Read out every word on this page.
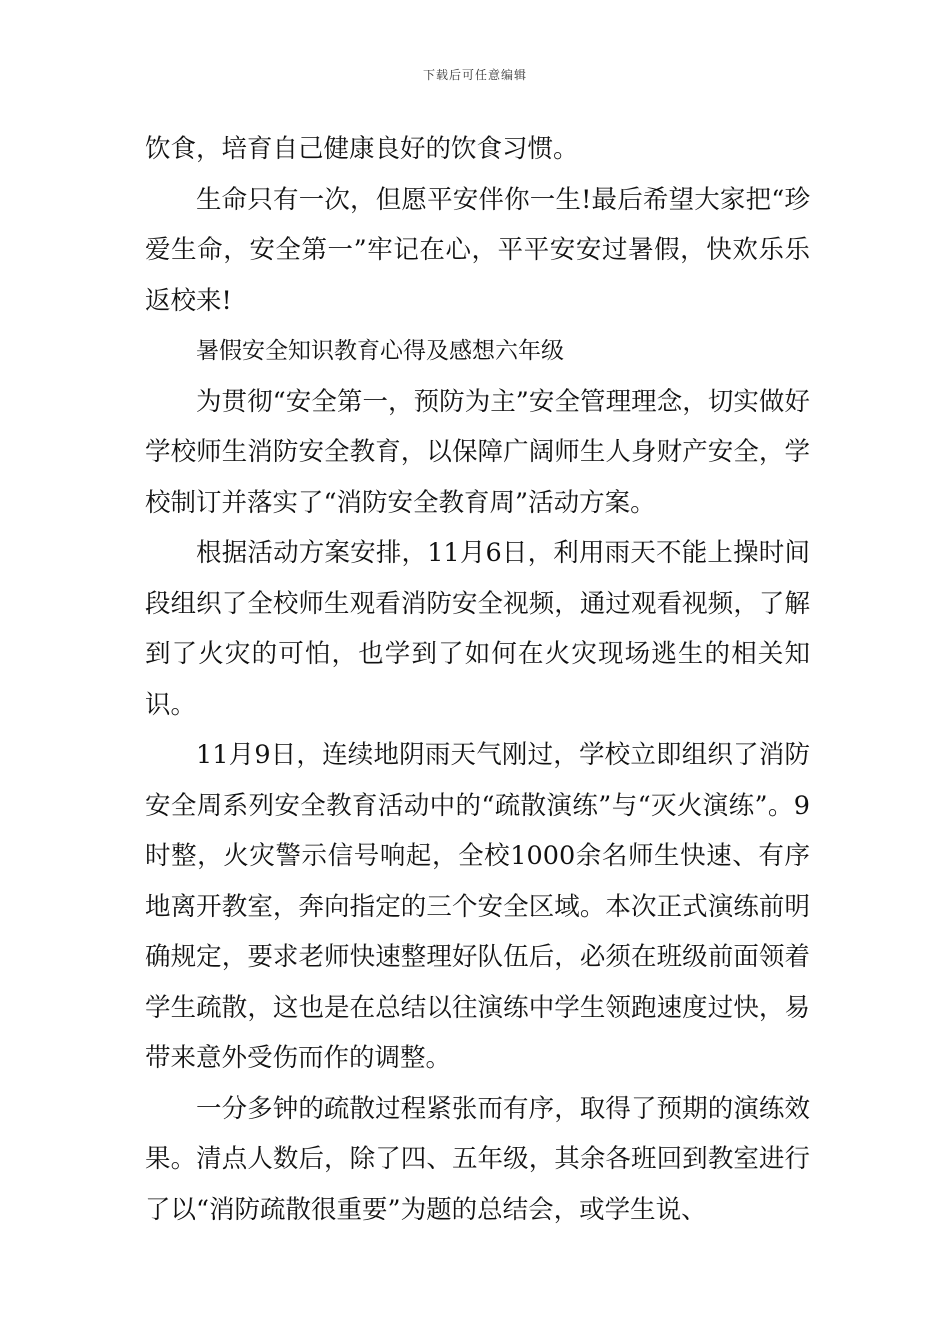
下载后可任意编辑

饮食，培育自己健康良好的饮食习惯。

生命只有一次，但愿平安伴你一生!最后希望大家把“珍爱生命，安全第一”牢记在心，平平安安过暑假，快欢乐乐返校来!

暑假安全知识教育心得及感想六年级

为贯彻“安全第一，预防为主”安全管理理念，切实做好学校师生消防安全教育，以保障广阔师生人身财产安全，学校制订并落实了“消防安全教育周”活动方案。

根据活动方案安排，11月6日，利用雨天不能上操时间段组织了全校师生观看消防安全视频，通过观看视频，了解到了火灾的可怕，也学到了如何在火灾现场逃生的相关知识。

11月9日，连续地阴雨天气刚过，学校立即组织了消防安全周系列安全教育活动中的“疏散演练”与“灭火演练”。9时整，火灾警示信号响起，全校1000余名师生快速、有序地离开教室，奔向指定的三个安全区域。本次正式演练前明确规定，要求老师快速整理好队伍后，必须在班级前面领着学生疏散，这也是在总结以往演练中学生领跑速度过快，易带来意外受伤而作的调整。

一分多钟的疏散过程紧张而有序，取得了预期的演练效果。清点人数后，除了四、五年级，其余各班回到教室进行了以“消防疏散很重要”为题的总结会，或学生说、
